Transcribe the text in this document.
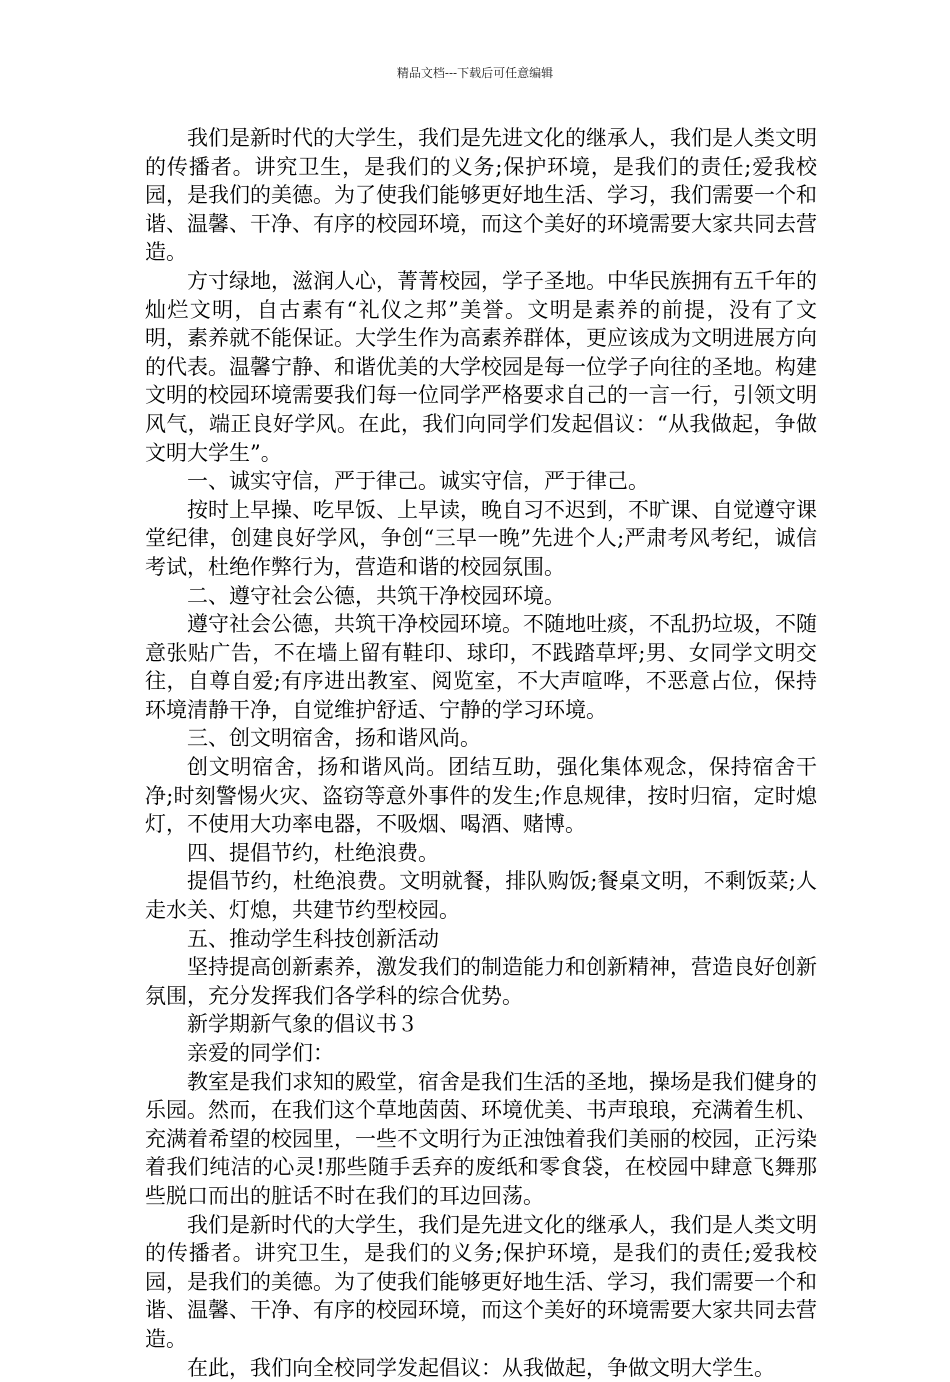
精品文档---下载后可任意编辑

我们是新时代的大学生，我们是先进文化的继承人，我们是人类文明的传播者。讲究卫生，是我们的义务;保护环境，是我们的责任;爱我校园，是我们的美德。为了使我们能够更好地生活、学习，我们需要一个和谐、温馨、干净、有序的校园环境，而这个美好的环境需要大家共同去营造。

方寸绿地，滋润人心，菁菁校园，学子圣地。中华民族拥有五千年的灿烂文明，自古素有“礼仪之邦”美誉。文明是素养的前提，没有了文明，素养就不能保证。大学生作为高素养群体，更应该成为文明进展方向的代表。温馨宁静、和谐优美的大学校园是每一位学子向往的圣地。构建文明的校园环境需要我们每一位同学严格要求自己的一言一行，引领文明风气，端正良好学风。在此，我们向同学们发起倡议：“从我做起，争做文明大学生”。

一、诚实守信，严于律己。诚实守信，严于律己。

按时上早操、吃早饭、上早读，晚自习不迟到，不旷课、自觉遵守课堂纪律，创建良好学风，争创“三早一晚”先进个人;严肃考风考纪，诚信考试，杜绝作弊行为，营造和谐的校园氛围。

二、遵守社会公德，共筑干净校园环境。

遵守社会公德，共筑干净校园环境。不随地吐痰，不乱扔垃圾，不随意张贴广告，不在墙上留有鞋印、球印，不践踏草坪;男、女同学文明交往，自尊自爱;有序进出教室、阅览室，不大声喧哗，不恶意占位，保持环境清静干净，自觉维护舒适、宁静的学习环境。

三、创文明宿舍，扬和谐风尚。

创文明宿舍，扬和谐风尚。团结互助，强化集体观念，保持宿舍干净;时刻警惕火灾、盗窃等意外事件的发生;作息规律，按时归宿，定时熄灯，不使用大功率电器，不吸烟、喝酒、赌博。

四、提倡节约，杜绝浪费。

提倡节约，杜绝浪费。文明就餐，排队购饭;餐桌文明，不剩饭菜;人走水关、灯熄，共建节约型校园。

五、推动学生科技创新活动

坚持提高创新素养，激发我们的制造能力和创新精神，营造良好创新氛围，充分发挥我们各学科的综合优势。

新学期新气象的倡议书３

亲爱的同学们：

教室是我们求知的殿堂，宿舍是我们生活的圣地，操场是我们健身的乐园。然而，在我们这个草地茵茵、环境优美、书声琅琅，充满着生机、充满着希望的校园里，一些不文明行为正浊蚀着我们美丽的校园，正污染着我们纯洁的心灵!那些随手丢弃的废纸和零食袋，在校园中肆意飞舞那些脱口而出的脏话不时在我们的耳边回荡。

我们是新时代的大学生，我们是先进文化的继承人，我们是人类文明的传播者。讲究卫生，是我们的义务;保护环境，是我们的责任;爱我校园，是我们的美德。为了使我们能够更好地生活、学习，我们需要一个和谐、温馨、干净、有序的校园环境，而这个美好的环境需要大家共同去营造。

在此，我们向全校同学发起倡议：从我做起，争做文明大学生。
